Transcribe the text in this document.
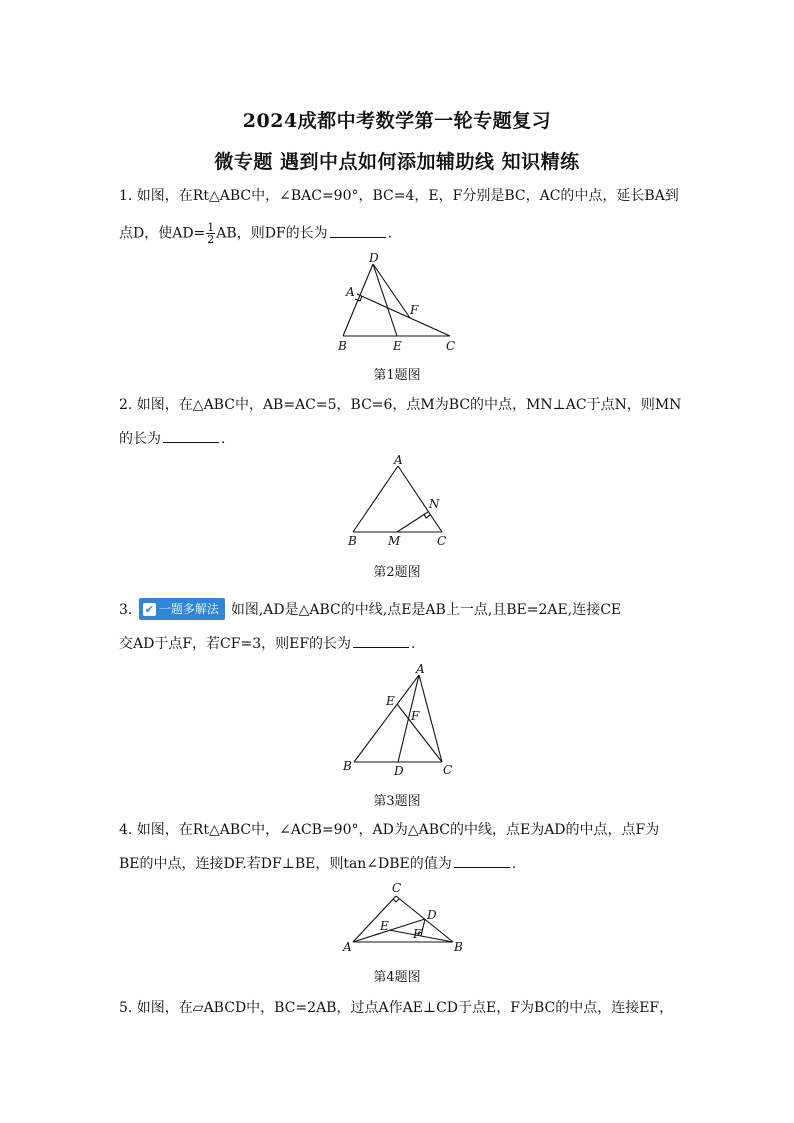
2024成都中考数学第一轮专题复习
微专题 遇到中点如何添加辅助线 知识精练
1. 如图，在Rt△ABC中，∠BAC=90°，BC=4，E，F分别是BC，AC的中点，延长BA到
点D，使$AD= \frac{1}{2}$ AB，则DF的长为	.
D
A
F
B	E	C
第1题图
2. 如图，在△ABC中，AB=AC=5，BC=6，点M为BC的中点，MN⊥AC于点N，则MN
的长为	.
A
N
B	M	C
第2题图
3. ✔ 一题多解法 如图,AD是△ABC的中线,点E是AB上一点,且BE=2AE,连接CE
交AD于点F，若CF=3，则EF的长为	.
A
E
F
B	D	C
第3题图
4. 如图，在Rt△ABC中，∠ACB=90°，AD为△ABC的中线，点E为AD的中点，点F为
BE的中点，连接DF.若DF⊥BE，则tan∠DBE的值为	.
C
D
E
F
A	B
第4题图
5. 如图，在▱ABCD中，BC=2AB，过点A作AE⊥CD于点E，F为BC的中点，连接EF，
